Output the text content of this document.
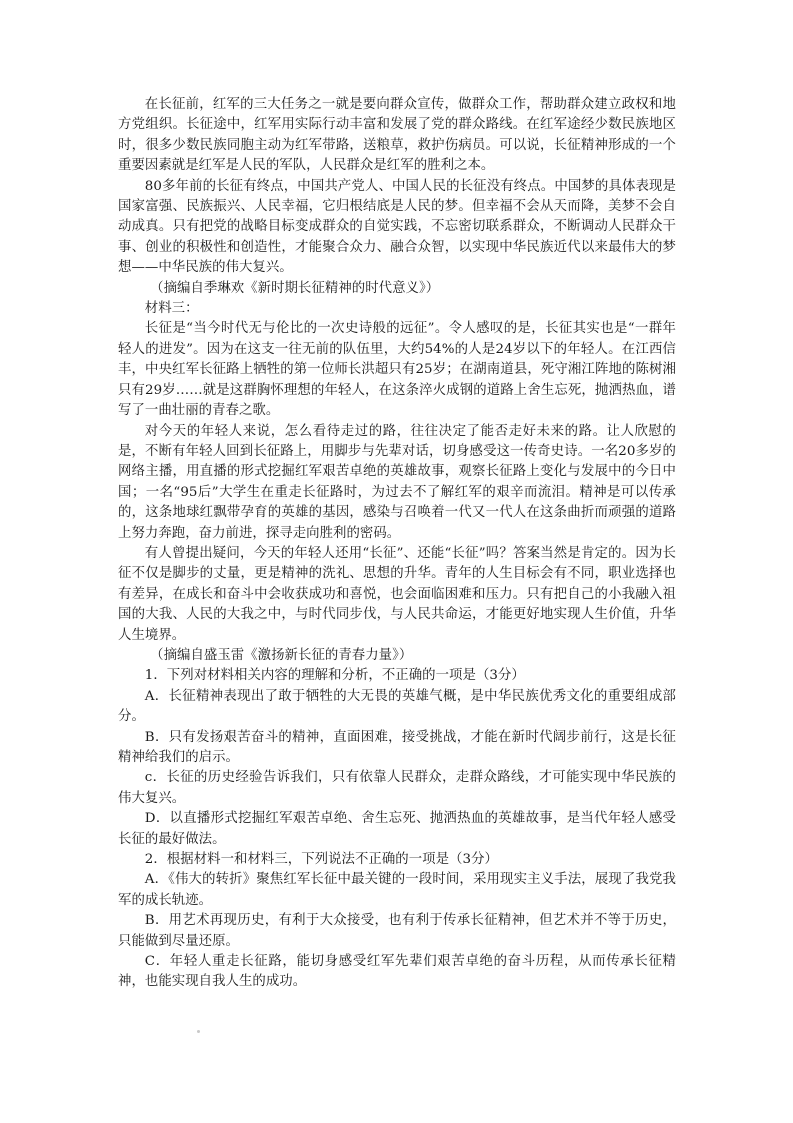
在长征前，红军的三大任务之一就是要向群众宣传，做群众工作，帮助群众建立政权和地方党组织。长征途中，红军用实际行动丰富和发展了党的群众路线。在红军途经少数民族地区时，很多少数民族同胞主动为红军带路，送粮草，救护伤病员。可以说，长征精神形成的一个重要因素就是红军是人民的军队，人民群众是红军的胜利之本。

80多年前的长征有终点，中国共产党人、中国人民的长征没有终点。中国梦的具体表现是国家富强、民族振兴、人民幸福，它归根结底是人民的梦。但幸福不会从天而降，美梦不会自动成真。只有把党的战略目标变成群众的自觉实践，不忘密切联系群众，不断调动人民群众干事、创业的积极性和创造性，才能聚合众力、融合众智，以实现中华民族近代以来最伟大的梦想——中华民族的伟大复兴。

（摘编自季琳欢《新时期长征精神的时代意义》）

材料三：

长征是“当今时代无与伦比的一次史诗般的远征”。令人感叹的是，长征其实也是“一群年轻人的进发”。因为在这支一往无前的队伍里，大约54%的人是24岁以下的年轻人。在江西信丰，中央红军长征路上牺牲的第一位师长洪超只有25岁；在湖南道县，死守湘江阵地的陈树湘只有29岁……就是这群胸怀理想的年轻人，在这条淬火成钢的道路上舍生忘死，抛洒热血，谱写了一曲壮丽的青春之歌。

对今天的年轻人来说，怎么看待走过的路，往往决定了能否走好未来的路。让人欣慰的是，不断有年轻人回到长征路上，用脚步与先辈对话，切身感受这一传奇史诗。一名20多岁的网络主播，用直播的形式挖掘红军艰苦卓绝的英雄故事，观察长征路上变化与发展中的今日中国；一名“95后”大学生在重走长征路时，为过去不了解红军的艰辛而流泪。精神是可以传承的，这条地球红飘带孕育的英雄的基因，感染与召唤着一代又一代人在这条曲折而顽强的道路上努力奔跑，奋力前进，探寻走向胜利的密码。

有人曾提出疑问，今天的年轻人还用“长征”、还能“长征”吗？答案当然是肯定的。因为长征不仅是脚步的丈量，更是精神的洗礼、思想的升华。青年的人生目标会有不同，职业选择也有差异，在成长和奋斗中会收获成功和喜悦，也会面临困难和压力。只有把自己的小我融入祖国的大我、人民的大我之中，与时代同步伐，与人民共命运，才能更好地实现人生价值，升华人生境界。

（摘编自盛玉雷《激扬新长征的青春力量》）

1．下列对材料相关内容的理解和分析，不正确的一项是（3分）

A．长征精神表现出了敢于牺牲的大无畏的英雄气概，是中华民族优秀文化的重要组成部分。

B．只有发扬艰苦奋斗的精神，直面困难，接受挑战，才能在新时代阔步前行，这是长征精神给我们的启示。

c．长征的历史经验告诉我们，只有依靠人民群众，走群众路线，才可能实现中华民族的伟大复兴。

D．以直播形式挖掘红军艰苦卓绝、舍生忘死、抛洒热血的英雄故事，是当代年轻人感受长征的最好做法。

2．根据材料一和材料三，下列说法不正确的一项是（3分）

A．《伟大的转折》聚焦红军长征中最关键的一段时间，采用现实主义手法，展现了我党我军的成长轨迹。

B．用艺术再现历史，有利于大众接受，也有利于传承长征精神，但艺术并不等于历史，只能做到尽量还原。

C．年轻人重走长征路，能切身感受红军先辈们艰苦卓绝的奋斗历程，从而传承长征精神，也能实现自我人生的成功。
